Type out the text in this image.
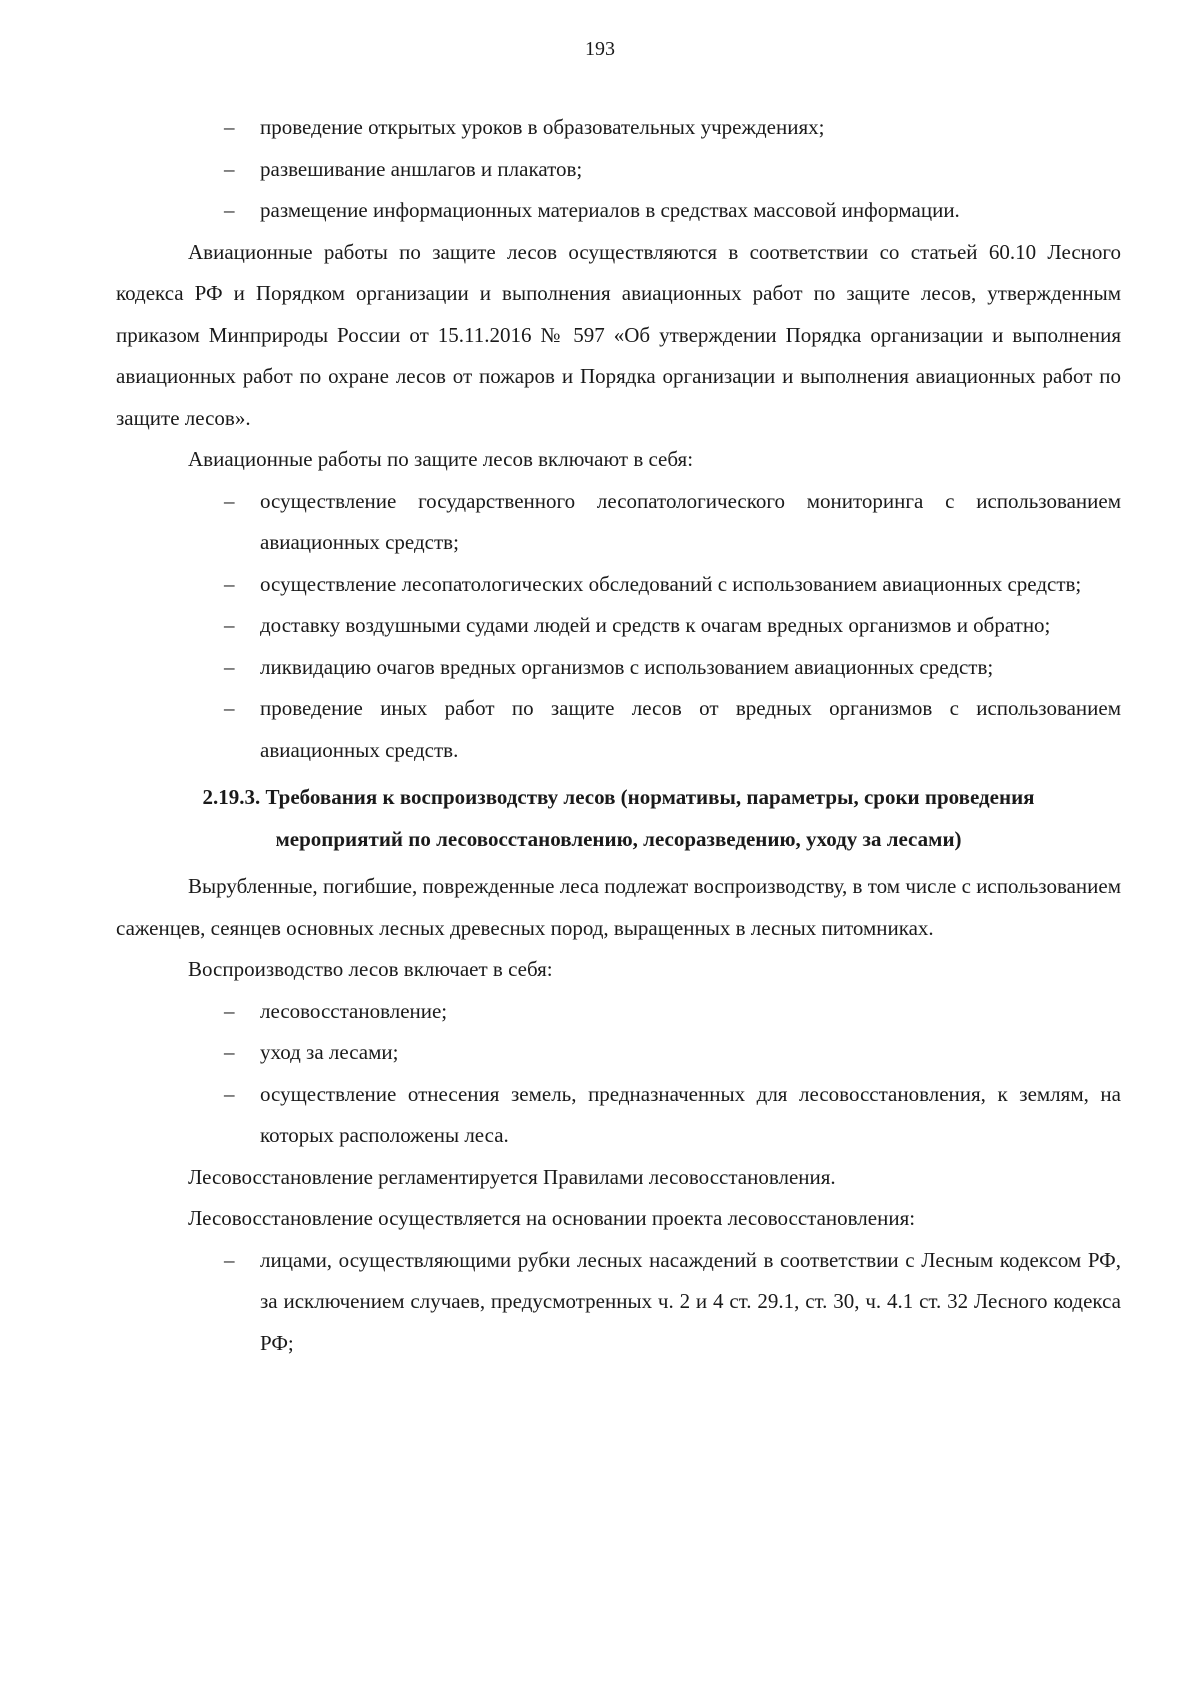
193
– проведение открытых уроков в образовательных учреждениях;
– развешивание аншлагов и плакатов;
– размещение информационных материалов в средствах массовой информации.

Авиационные работы по защите лесов осуществляются в соответствии со статьей 60.10 Лесного кодекса РФ и Порядком организации и выполнения авиационных работ по защите лесов, утвержденным приказом Минприроды России от 15.11.2016 № 597 «Об утверждении Порядка организации и выполнения авиационных работ по охране лесов от пожаров и Порядка организации и выполнения авиационных работ по защите лесов».

Авиационные работы по защите лесов включают в себя:

– осуществление государственного лесопатологического мониторинга с использованием авиационных средств;
– осуществление лесопатологических обследований с использованием авиационных средств;
– доставку воздушными судами людей и средств к очагам вредных организмов и обратно;
– ликвидацию очагов вредных организмов с использованием авиационных средств;
– проведение иных работ по защите лесов от вредных организмов с использованием авиационных средств.
2.19.3. Требования к воспроизводству лесов (нормативы, параметры, сроки проведения
мероприятий по лесовосстановлению, лесоразведению, уходу за лесами)

Вырубленные, погибшие, поврежденные леса подлежат воспроизводству, в том числе с использованием саженцев, сеянцев основных лесных древесных пород, выращенных в лесных питомниках.

Воспроизводство лесов включает в себя:

– лесовосстановление;
– уход за лесами;
– осуществление отнесения земель, предназначенных для лесовосстановления, к землям, на которых расположены леса.

Лесовосстановление регламентируется Правилами лесовосстановления.

Лесовосстановление осуществляется на основании проекта лесовосстановления:

– лицами, осуществляющими рубки лесных насаждений в соответствии с Лесным кодексом РФ, за исключением случаев, предусмотренных ч. 2 и 4 ст. 29.1, ст. 30, ч. 4.1 ст. 32 Лесного кодекса РФ;
